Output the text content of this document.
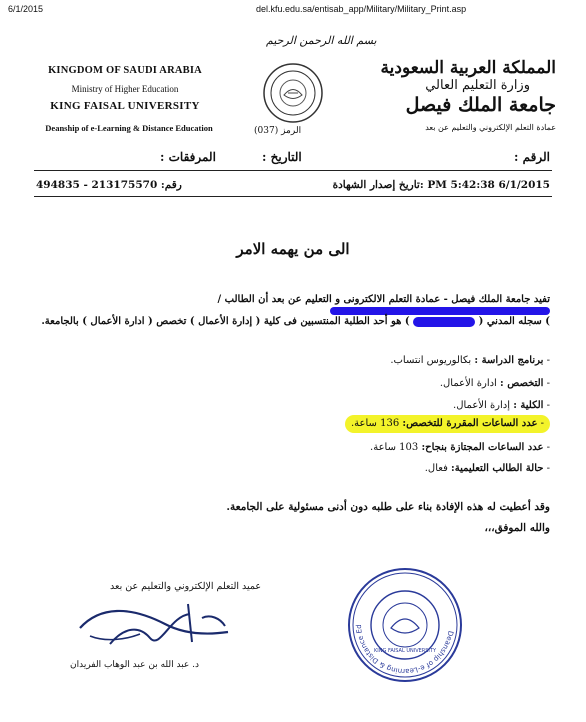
6/1/2015	del.kfu.edu.sa/entisab_app/Military/Military_Print.asp
KINGDOM OF SAUDI ARABIA
Ministry of Higher Education
KING FAISAL UNIVERSITY
Deanship of e-Learning & Distance Education
المملكة العربية السعودية
وزارة التعليم العالي
جامعة الملك فيصل
عمادة التعلم الإلكتروني والتعليم عن بعد
بسم الله الرحمن الرحيم
الرمز (037)
الرقم :
التاريخ :
: المرفقات
تاريخ إصدار الشهادة: PM 5:42:38 6/1/2015
494835 - 213175570 :رقم
الى من يهمه الامر
تفيد جامعة الملك فيصل - عمادة التعلم الالكترونى و التعليم عن بعد أن الطالب /
) سجله المدني (  ) هو أحد الطلبة المنتسبين فى كلية ( إدارة الأعمال ) تخصص ( ادارة الأعمال ) بالجامعة.
- برنامج الدراسة : بكالوريوس انتساب.
- التخصص : ادارة الأعمال.
- الكلية : إدارة الأعمال.
- عدد الساعات المقررة للتخصص: 136 ساعة.
- عدد الساعات المجتازة بنجاح: 103 ساعة.
- حالة الطالب التعليمية: فعال.
وقد أعطيت له هذه الإفادة بناء على طلبه دون أدنى مسئولية على الجامعة.
والله الموفق،،،
عميد التعلم الإلكتروني والتعليم عن بعد
د. عبد الله بن عبد الوهاب الفريدان
Deanship of e-Learning & Distance Ed
KING FAISAL UNIVERSITY
